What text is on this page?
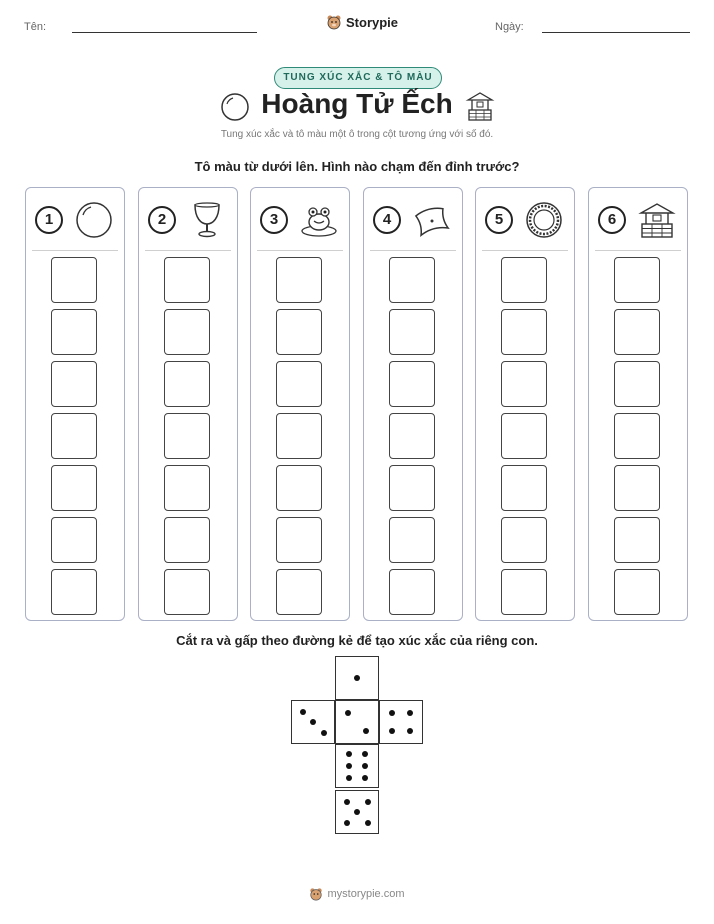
Tên:	Storypie	Ngày:
TUNG XÚC XẮC & TÔ MÀU
Hoàng Tử Ếch
Tung xúc xắc và tô màu một ô trong cột tương ứng với số đó.
Tô màu từ dưới lên. Hình nào chạm đến đỉnh trước?
1	2	3	4	5	6
Cắt ra và gấp theo đường kẻ để tạo xúc xắc của riêng con.
mystorypie.com
